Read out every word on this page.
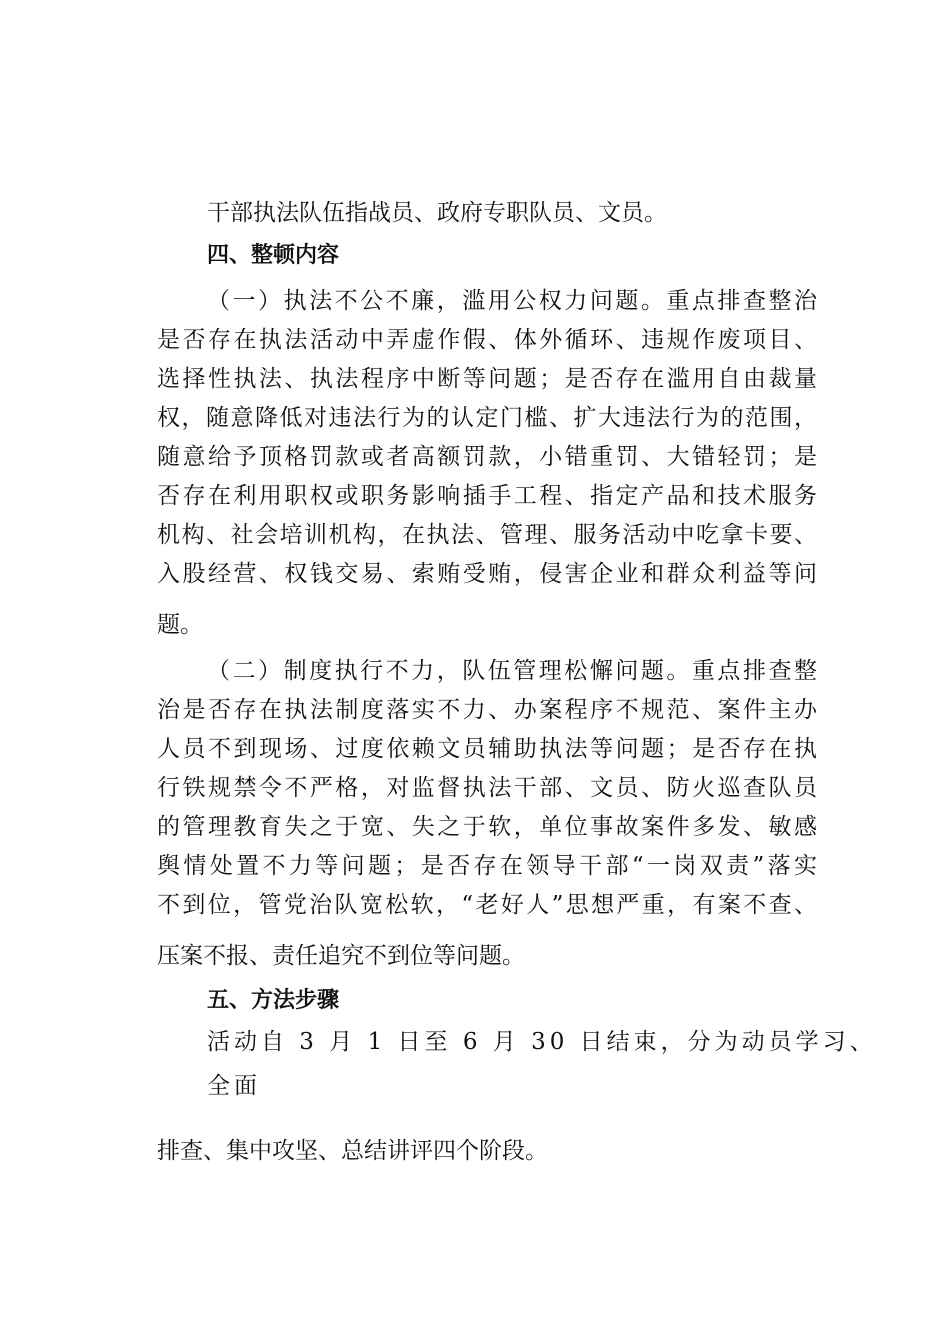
干部执法队伍指战员、政府专职队员、文员。
四、整顿内容
（一）执法不公不廉，滥用公权力问题。重点排查整治
是否存在执法活动中弄虚作假、体外循环、违规作废项目、
选择性执法、执法程序中断等问题；是否存在滥用自由裁量
权，随意降低对违法行为的认定门槛、扩大违法行为的范围，
随意给予顶格罚款或者高额罚款，小错重罚、大错轻罚；是
否存在利用职权或职务影响插手工程、指定产品和技术服务
机构、社会培训机构，在执法、管理、服务活动中吃拿卡要、
入股经营、权钱交易、索贿受贿，侵害企业和群众利益等问
题。
（二）制度执行不力，队伍管理松懈问题。重点排查整
治是否存在执法制度落实不力、办案程序不规范、案件主办
人员不到现场、过度依赖文员辅助执法等问题；是否存在执
行铁规禁令不严格，对监督执法干部、文员、防火巡查队员
的管理教育失之于宽、失之于软，单位事故案件多发、敏感
舆情处置不力等问题；是否存在领导干部“一岗双责”落实
不到位，管党治队宽松软，“老好人”思想严重，有案不查、
压案不报、责任追究不到位等问题。
五、方法步骤
活动自 3 月 1 日至 6 月 30 日结束，分为动员学习、
全面
排查、集中攻坚、总结讲评四个阶段。
